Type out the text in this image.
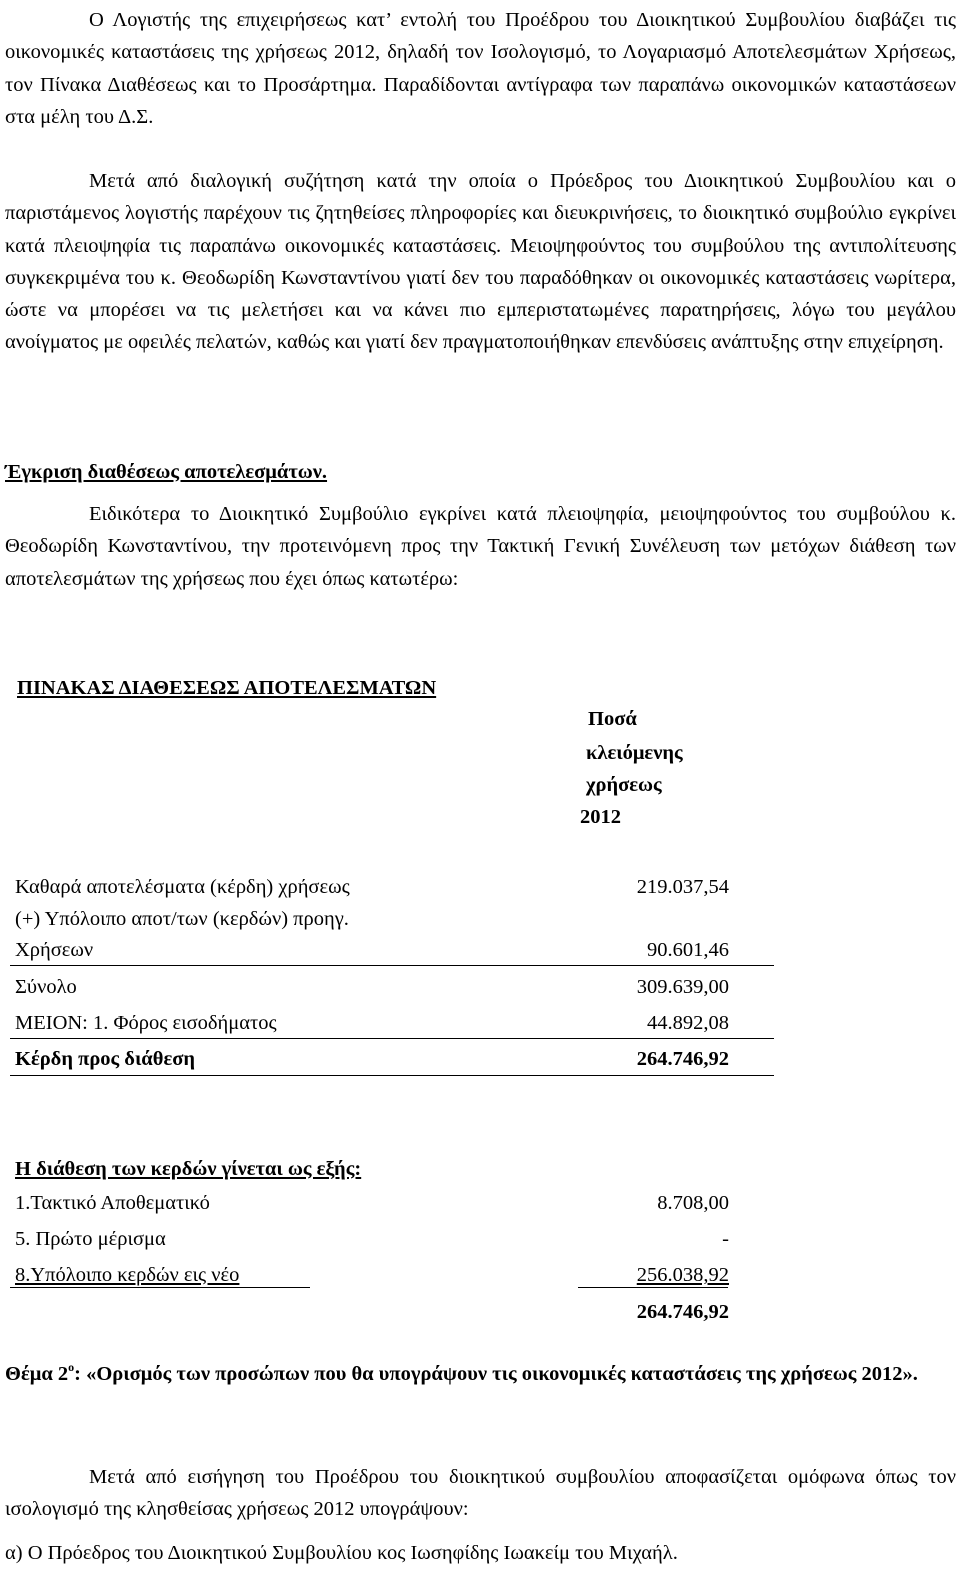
Ο Λογιστής της επιχειρήσεως κατ’ εντολή του Προέδρου του Διοικητικού Συμβουλίου διαβάζει τις οικονομικές καταστάσεις της χρήσεως 2012, δηλαδή τον Ισολογισμό, το Λογαριασμό Αποτελεσμάτων Χρήσεως, τον Πίνακα Διαθέσεως και το Προσάρτημα. Παραδίδονται αντίγραφα των παραπάνω οικονομικών καταστάσεων στα μέλη του Δ.Σ.

Μετά από διαλογική συζήτηση κατά την οποία ο Πρόεδρος του Διοικητικού Συμβουλίου και ο παριστάμενος λογιστής παρέχουν τις ζητηθείσες πληροφορίες και διευκρινήσεις, το διοικητικό συμβούλιο εγκρίνει κατά πλειοψηφία τις παραπάνω οικονομικές καταστάσεις. Μειοψηφούντος του συμβούλου της αντιπολίτευσης συγκεκριμένα του κ. Θεοδωρίδη Κωνσταντίνου γιατί δεν του παραδόθηκαν οι οικονομικές καταστάσεις νωρίτερα, ώστε να μπορέσει να τις μελετήσει και να κάνει πιο εμπεριστατωμένες παρατηρήσεις, λόγω του μεγάλου ανοίγματος με οφειλές πελατών, καθώς και γιατί δεν πραγματοποιήθηκαν επενδύσεις ανάπτυξης στην επιχείρηση.

Έγκριση διαθέσεως αποτελεσμάτων.

Ειδικότερα το Διοικητικό Συμβούλιο εγκρίνει κατά πλειοψηφία, μειοψηφούντος του συμβούλου κ. Θεοδωρίδη Κωνσταντίνου, την προτεινόμενη προς την Τακτική Γενική Συνέλευση των μετόχων διάθεση των αποτελεσμάτων της χρήσεως που έχει όπως κατωτέρω:

ΠΙΝΑΚΑΣ ΔΙΑΘΕΣΕΩΣ ΑΠΟΤΕΛΕΣΜΑΤΩΝ

Ποσά

κλειόμενης

χρήσεως

2012

Καθαρά αποτελέσματα (κέρδη) χρήσεως	219.037,54

(+) Υπόλοιπο αποτ/των (κερδών) προηγ.

Χρήσεων	90.601,46

Σύνολο	309.639,00

ΜΕΙΟΝ: 1. Φόρος εισοδήματος	44.892,08

Κέρδη προς διάθεση	264.746,92

Η διάθεση των κερδών γίνεται ως εξής:

1.Τακτικό Αποθεματικό	8.708,00

5. Πρώτο μέρισμα	-

8.Υπόλοιπο κερδών εις νέο	256.038,92

264.746,92

Θέμα $2^o$: «Ορισμός των προσώπων που θα υπογράψουν τις οικονομικές καταστάσεις της χρήσεως 2012».

Μετά από εισήγηση του Προέδρου του διοικητικού συμβουλίου αποφασίζεται ομόφωνα όπως τον ισολογισμό της κλησθείσας χρήσεως 2012 υπογράψουν:

α) Ο Πρόεδρος του Διοικητικού Συμβουλίου κος Ιωσηφίδης Ιωακείμ του Μιχαήλ.
